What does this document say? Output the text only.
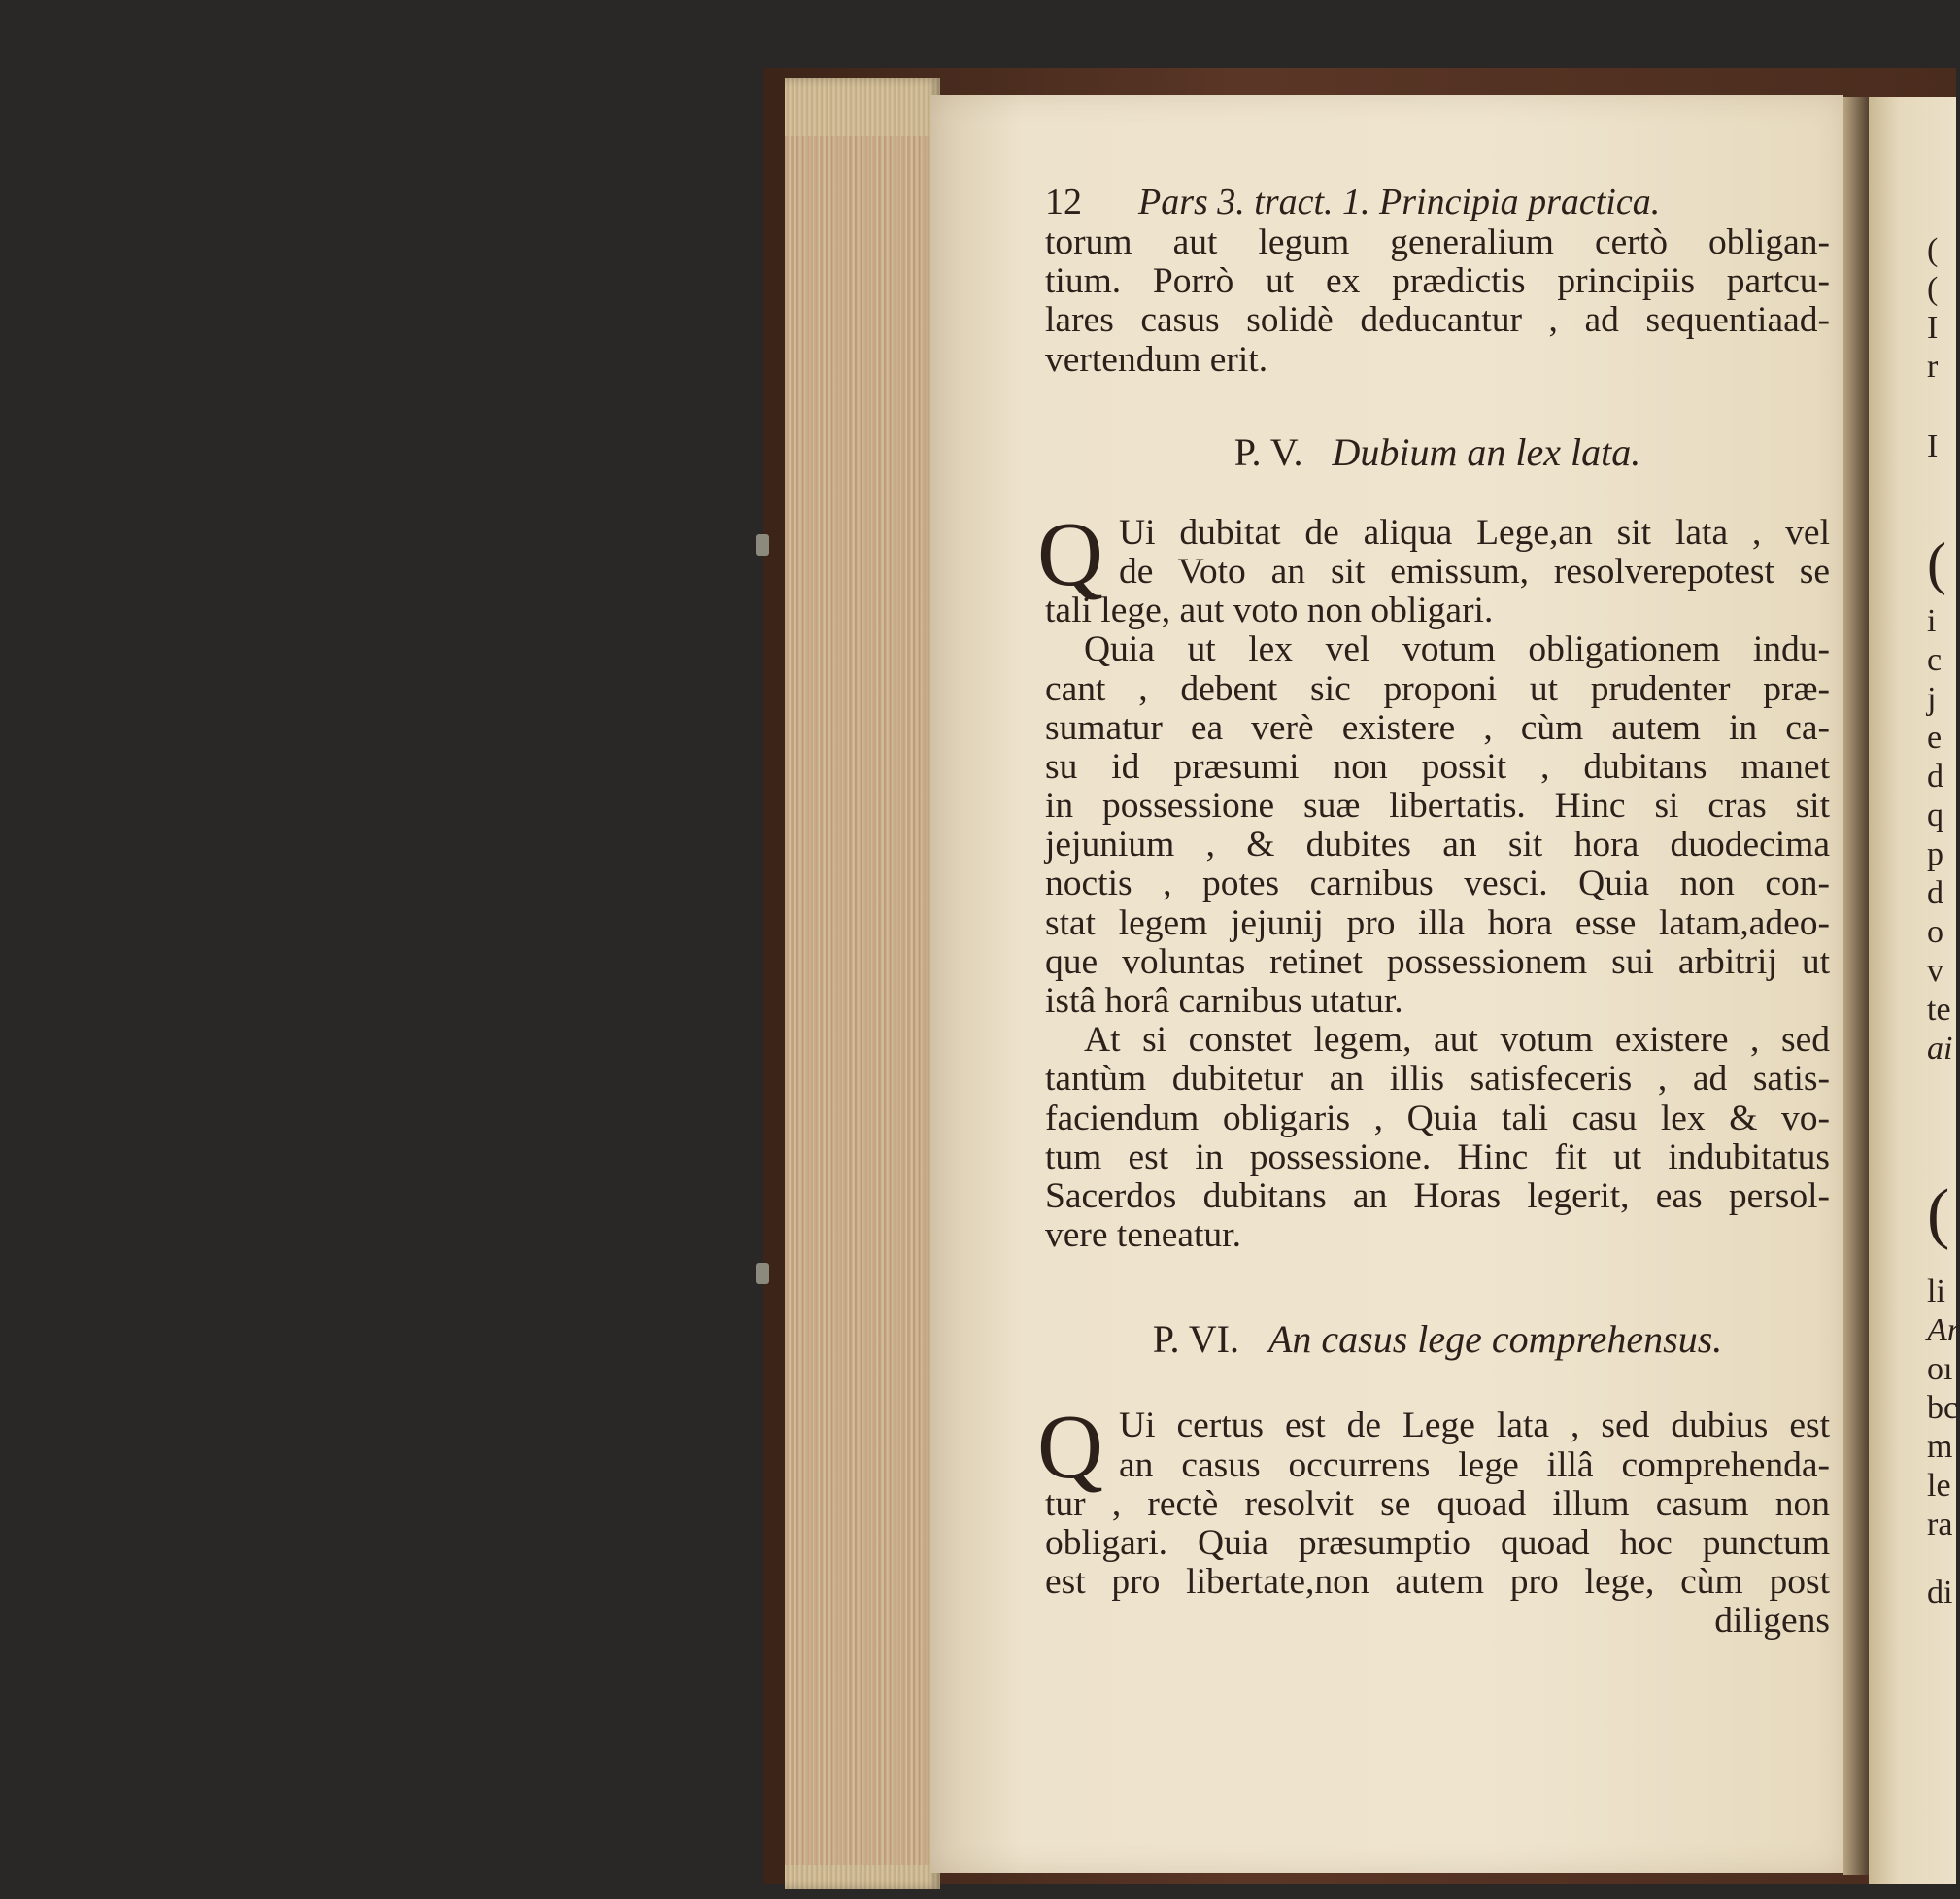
12	Pars 3. tract. 1. Principia practica.
torum aut legum generalium certò obligan-
tium. Porrò ut ex prædictis principiis partcu-
lares casus solidè deducantur , ad sequentiaad-
vertendum erit.
P. V. Dubium an lex lata.
Q Ui dubitat de aliqua Lege,an sit lata , vel
de Voto an sit emissum, resolverepotest se
tali lege, aut voto non obligari.
Quia ut lex vel votum obligationem indu-
cant , debent sic proponi ut prudenter præ-
sumatur ea verè existere , cùm autem in ca-
su id præsumi non possit , dubitans manet
in possessione suæ libertatis. Hinc si cras sit
jejunium , & dubites an sit hora duodecima
noctis , potes carnibus vesci. Quia non con-
stat legem jejunij pro illa hora esse latam,adeo-
que voluntas retinet possessionem sui arbitrij ut
istâ horâ carnibus utatur.
At si constet legem, aut votum existere , sed
tantùm dubitetur an illis satisfeceris , ad satis-
faciendum obligaris , Quia tali casu lex & vo-
tum est in possessione. Hinc fit ut indubitatus
Sacerdos dubitans an Horas legerit, eas persol-
vere teneatur.
P. VI. An casus lege comprehensus.
Q Ui certus est de Lege lata , sed dubius est
an casus occurrens lege illâ comprehenda-
tur , rectè resolvit se quoad illum casum non
obligari. Quia præsumptio quoad hoc punctum
est pro libertate,non autem pro lege, cùm post
diligens
(
(
I
r
I
(
i
c
j
e
d
q
p
d
o
v
te
ai
(
li
Ar
oı
bc
m
le
ra
di
